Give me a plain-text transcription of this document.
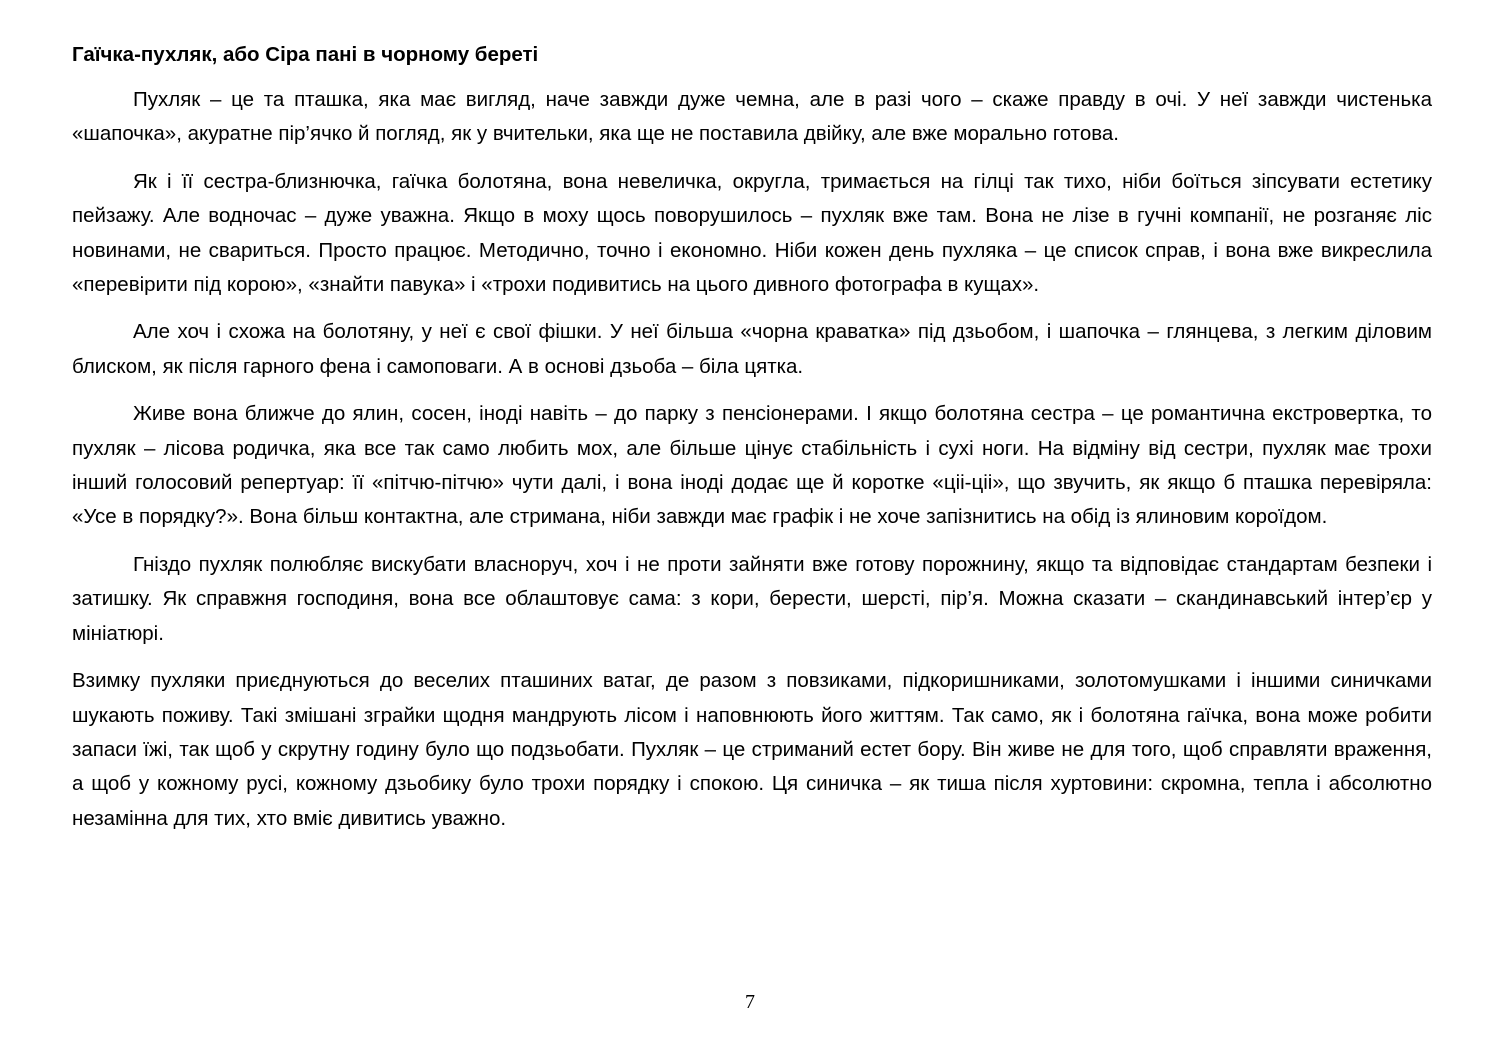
Гаїчка-пухляк, або Сіра пані в чорному береті

Пухляк – це та пташка, яка має вигляд, наче завжди дуже чемна, але в разі чого – скаже правду в очі. У неї завжди чистенька «шапочка», акуратне пір’ячко й погляд, як у вчительки, яка ще не поставила двійку, але вже морально готова.

Як і її сестра-близнючка, гаїчка болотяна, вона невеличка, округла, тримається на гілці так тихо, ніби боїться зіпсувати естетику пейзажу. Але водночас – дуже уважна. Якщо в моху щось поворушилось – пухляк вже там. Вона не лізе в гучні компанії, не розганяє ліс новинами, не свариться. Просто працює. Методично, точно і економно. Ніби кожен день пухляка – це список справ, і вона вже викреслила «перевірити під корою», «знайти павука» і «трохи подивитись на цього дивного фотографа в кущах».

Але хоч і схожа на болотяну, у неї є свої фішки. У неї більша «чорна краватка» під дзьобом, і шапочка – глянцева, з легким діловим блиском, як після гарного фена і самоповаги. А в основі дзьоба – біла цятка.

Живе вона ближче до ялин, сосен, іноді навіть – до парку з пенсіонерами. І якщо болотяна сестра – це романтична екстровертка, то пухляк – лісова родичка, яка все так само любить мох, але більше цінує стабільність і сухі ноги. На відміну від сестри, пухляк має трохи інший голосовий репертуар: її «пітчю-пітчю» чути далі, і вона іноді додає ще й коротке «ціі-ціі», що звучить, як якщо б пташка перевіряла: «Усе в порядку?». Вона більш контактна, але стримана, ніби завжди має графік і не хоче запізнитись на обід із ялиновим короїдом.

Гніздо пухляк полюбляє вискубати власноруч, хоч і не проти зайняти вже готову порожнину, якщо та відповідає стандартам безпеки і затишку. Як справжня господиня, вона все облаштовує сама: з кори, берести, шерсті, пір’я. Можна сказати – скандинавський інтер’єр у мініатюрі.

Взимку пухляки приєднуються до веселих пташиних ватаг, де разом з повзиками, підкоришниками, золотомушками і іншими синичками шукають поживу. Такі змішані зграйки щодня мандрують лісом і наповнюють його життям. Так само, як і болотяна гаїчка, вона може робити запаси їжі, так щоб у скрутну годину було що подзьобати. Пухляк – це стриманий естет бору. Він живе не для того, щоб справляти враження, а щоб у кожному русі, кожному дзьобику було трохи порядку і спокою. Ця синичка – як тиша після хуртовини: скромна, тепла і абсолютно незамінна для тих, хто вміє дивитись уважно.

7
